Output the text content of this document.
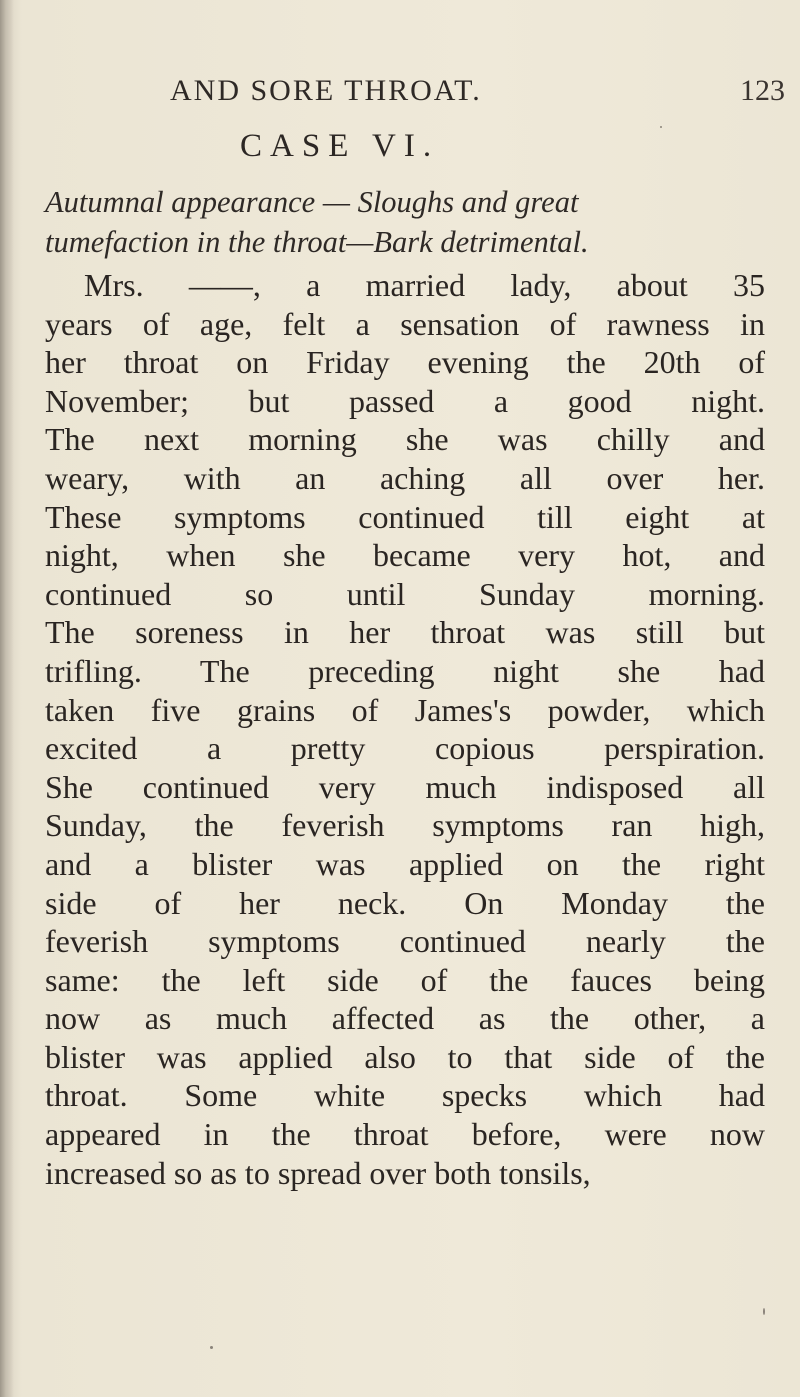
AND SORE THROAT.	123
CASE VI.

Autumnal appearance — Sloughs and great
tumefaction in the throat—Bark detrimental.

Mrs. ——, a married lady, about 35
years of age, felt a sensation of rawness in
her throat on Friday evening the 20th of
November; but passed a good night.
The next morning she was chilly and
weary, with an aching all over her.
These symptoms continued till eight at
night, when she became very hot, and
continued so until Sunday morning.
The soreness in her throat was still but
trifling. The preceding night she had
taken five grains of James's powder, which
excited a pretty copious perspiration.
She continued very much indisposed all
Sunday, the feverish symptoms ran high,
and a blister was applied on the right
side of her neck. On Monday the
feverish symptoms continued nearly the
same: the left side of the fauces being
now as much affected as the other, a
blister was applied also to that side of the
throat. Some white specks which had
appeared in the throat before, were now
increased so as to spread over both tonsils,
